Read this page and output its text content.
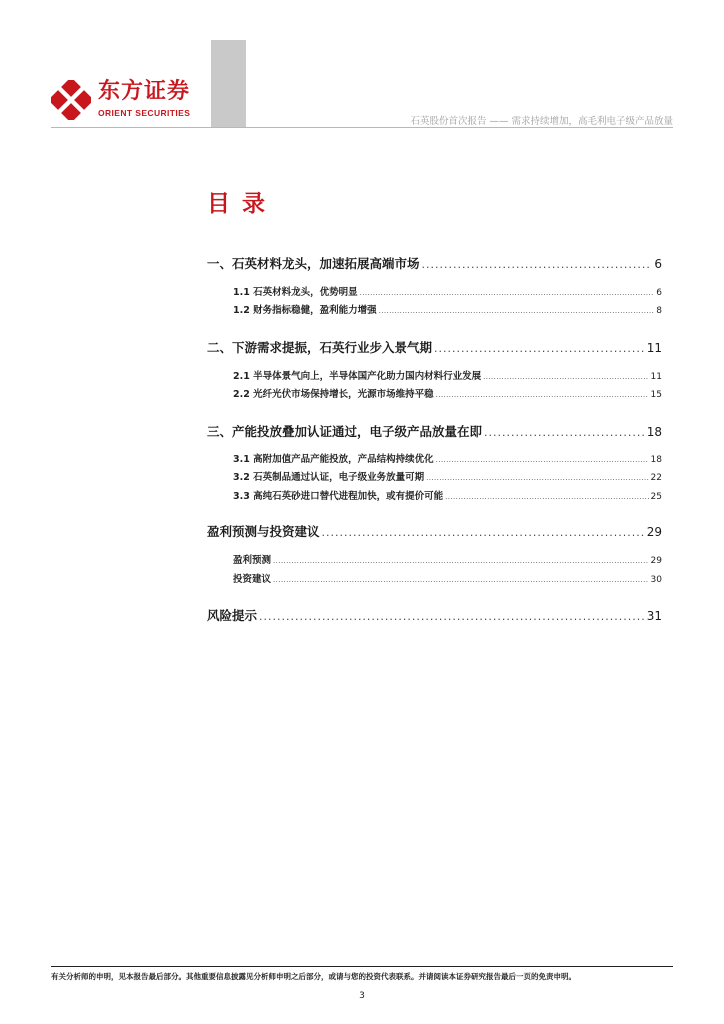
东方证券
ORIENT SECURITIES
石英股份首次报告 —— 需求持续增加，高毛利电子级产品放量
目录
一、石英材料龙头，加速拓展高端市场 .....	6
1.1 石英材料龙头，优势明显 .....	6
1.2 财务指标稳健，盈利能力增强 .....	8
二、下游需求提振，石英行业步入景气期 .....	11
2.1 半导体景气向上，半导体国产化助力国内材料行业发展 .....	11
2.2 光纤光伏市场保持增长，光源市场维持平稳 .....	15
三、产能投放叠加认证通过，电子级产品放量在即 .....	18
3.1 高附加值产品产能投放，产品结构持续优化 .....	18
3.2 石英制品通过认证，电子级业务放量可期 .....	22
3.3 高纯石英砂进口替代进程加快，或有提价可能 .....	25
盈利预测与投资建议 .....	29
盈利预测 .....	29
投资建议 .....	30
风险提示 .....	31
有关分析师的申明，见本报告最后部分。其他重要信息披露见分析师申明之后部分，或请与您的投资代表联系。并请阅读本证券研究报告最后一页的免责申明。
3
